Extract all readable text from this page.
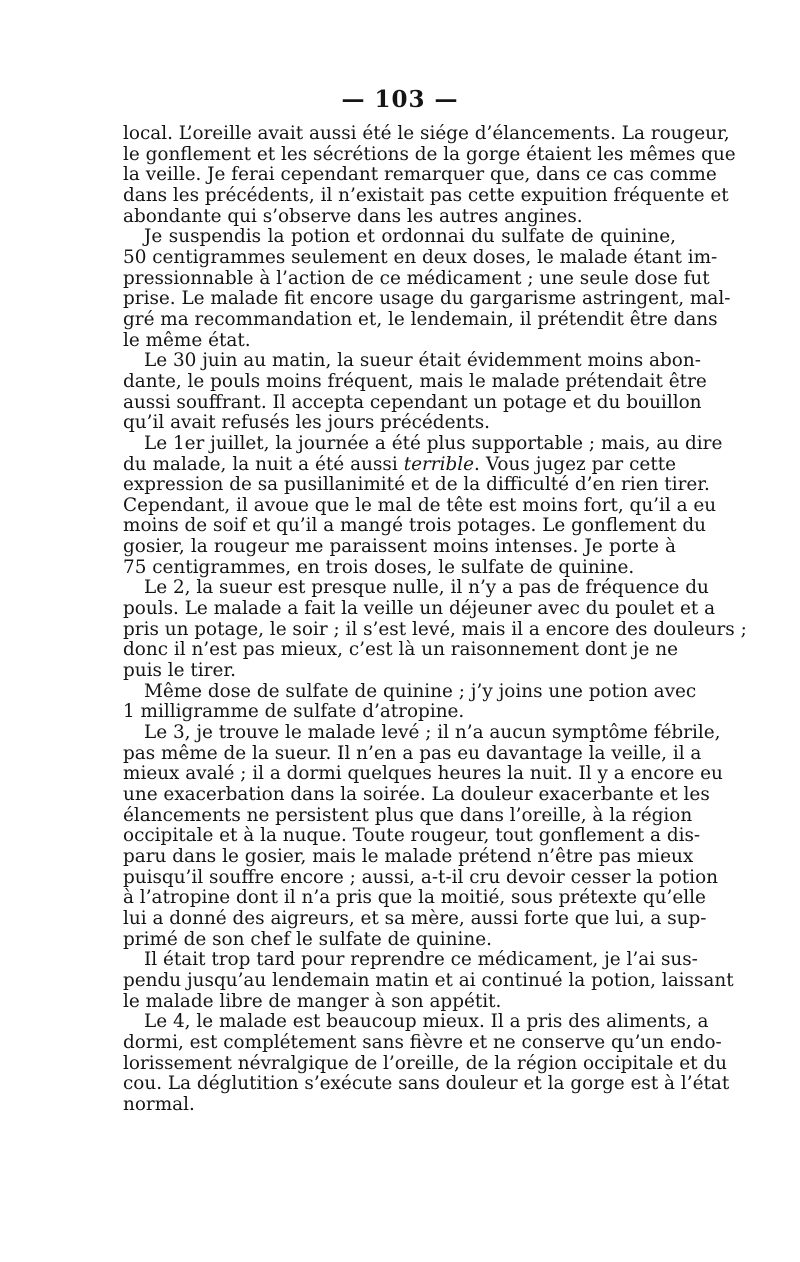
— 103 —

local. L’oreille avait aussi été le siége d’élancements. La rougeur,
le gonflement et les sécrétions de la gorge étaient les mêmes que
la veille. Je ferai cependant remarquer que, dans ce cas comme
dans les précédents, il n’existait pas cette expuition fréquente et
abondante qui s’observe dans les autres angines.

Je suspendis la potion et ordonnai du sulfate de quinine,
50 centigrammes seulement en deux doses, le malade étant im-
pressionnable à l’action de ce médicament ; une seule dose fut
prise. Le malade fit encore usage du gargarisme astringent, mal-
gré ma recommandation et, le lendemain, il prétendit être dans
le même état.

Le 30 juin au matin, la sueur était évidemment moins abon-
dante, le pouls moins fréquent, mais le malade prétendait être
aussi souffrant. Il accepta cependant un potage et du bouillon
qu’il avait refusés les jours précédents.

Le 1er juillet, la journée a été plus supportable ; mais, au dire
du malade, la nuit a été aussi terrible. Vous jugez par cette
expression de sa pusillanimité et de la difficulté d’en rien tirer.
Cependant, il avoue que le mal de tête est moins fort, qu’il a eu
moins de soif et qu’il a mangé trois potages. Le gonflement du
gosier, la rougeur me paraissent moins intenses. Je porte à
75 centigrammes, en trois doses, le sulfate de quinine.

Le 2, la sueur est presque nulle, il n’y a pas de fréquence du
pouls. Le malade a fait la veille un déjeuner avec du poulet et a
pris un potage, le soir ; il s’est levé, mais il a encore des douleurs ;
donc il n’est pas mieux, c’est là un raisonnement dont je ne
puis le tirer.

Même dose de sulfate de quinine ; j’y joins une potion avec
1 milligramme de sulfate d’atropine.

Le 3, je trouve le malade levé ; il n’a aucun symptôme fébrile,
pas même de la sueur. Il n’en a pas eu davantage la veille, il a
mieux avalé ; il a dormi quelques heures la nuit. Il y a encore eu
une exacerbation dans la soirée. La douleur exacerbante et les
élancements ne persistent plus que dans l’oreille, à la région
occipitale et à la nuque. Toute rougeur, tout gonflement a dis-
paru dans le gosier, mais le malade prétend n’être pas mieux
puisqu’il souffre encore ; aussi, a-t-il cru devoir cesser la potion
à l’atropine dont il n’a pris que la moitié, sous prétexte qu’elle
lui a donné des aigreurs, et sa mère, aussi forte que lui, a sup-
primé de son chef le sulfate de quinine.

Il était trop tard pour reprendre ce médicament, je l’ai sus-
pendu jusqu’au lendemain matin et ai continué la potion, laissant
le malade libre de manger à son appétit.

Le 4, le malade est beaucoup mieux. Il a pris des aliments, a
dormi, est complétement sans fièvre et ne conserve qu’un endo-
lorissement névralgique de l’oreille, de la région occipitale et du
cou. La déglutition s’exécute sans douleur et la gorge est à l’état
normal.
